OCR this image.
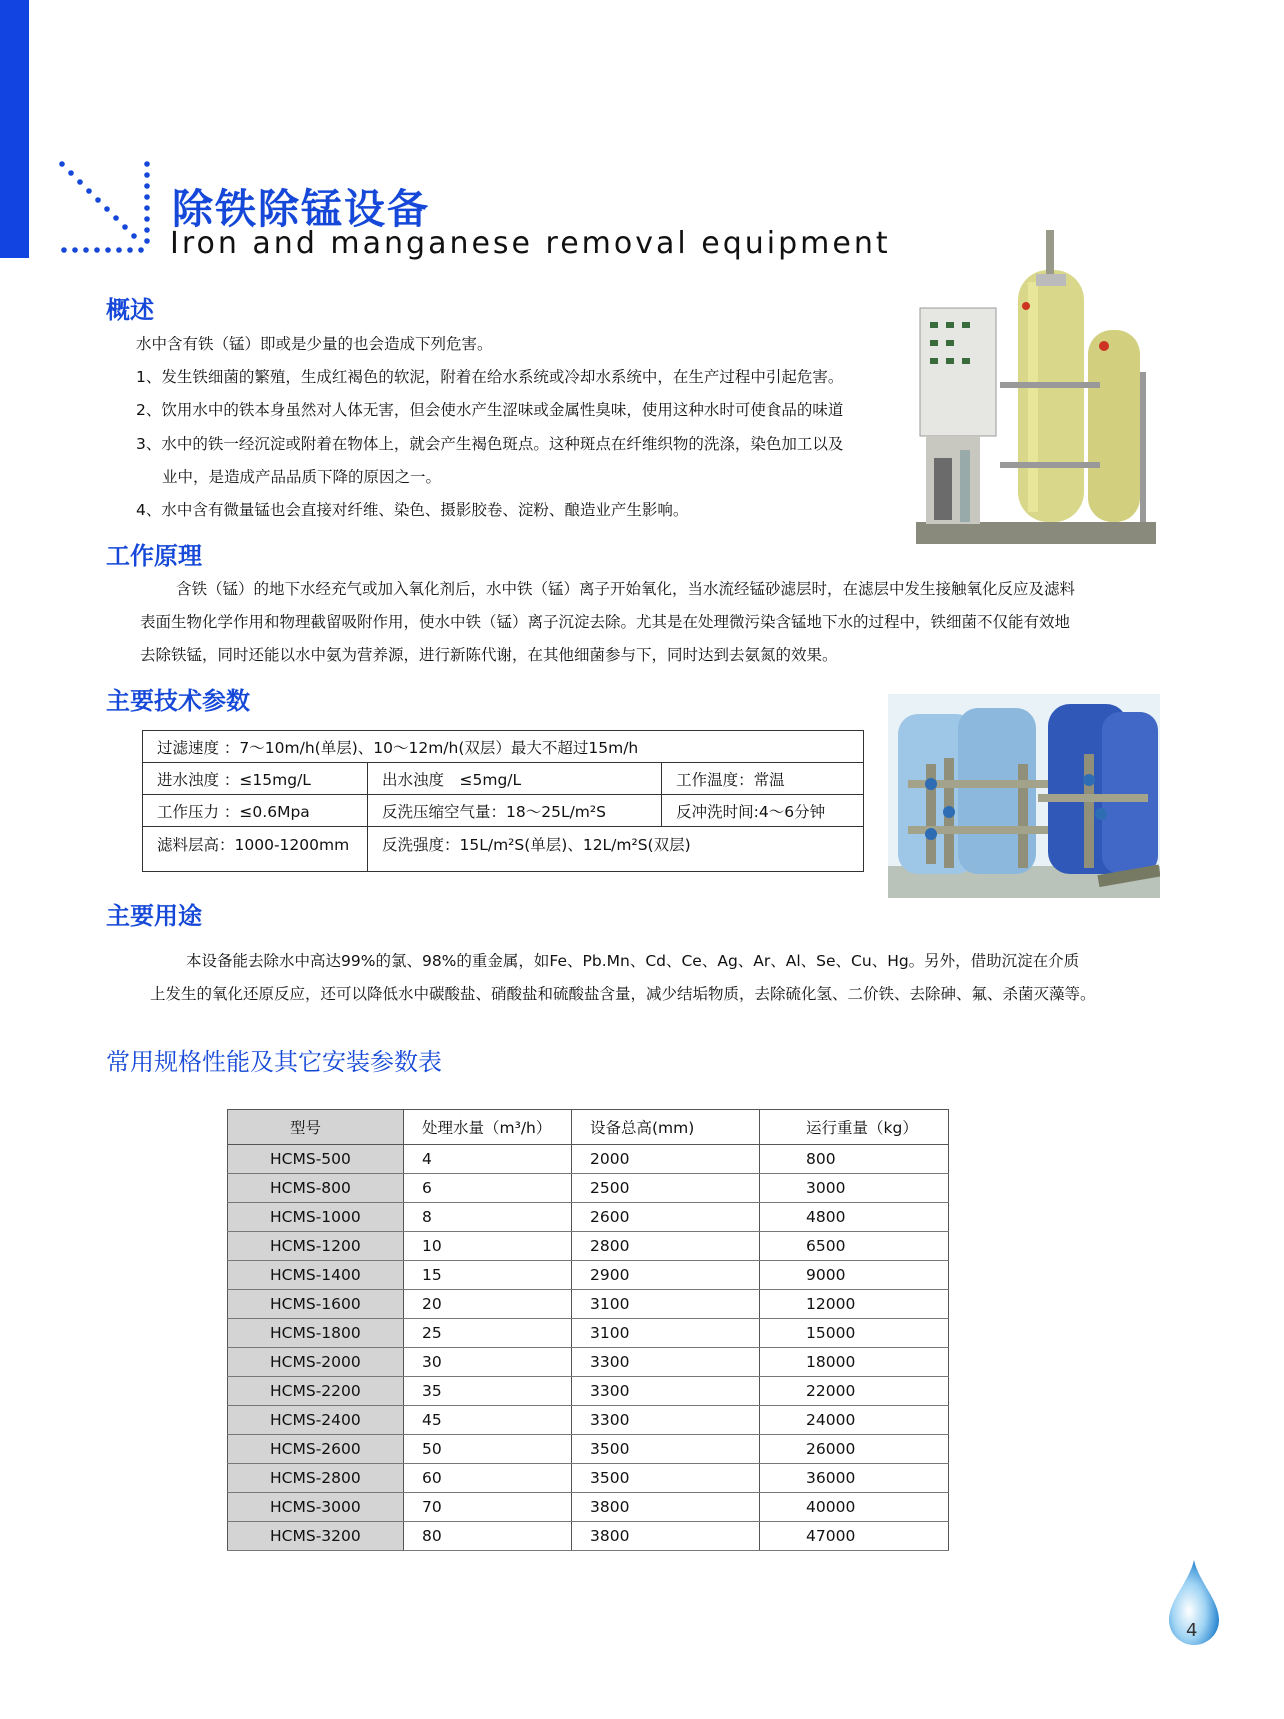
除铁除锰设备
Iron and manganese removal equipment
概述
水中含有铁（锰）即或是少量的也会造成下列危害。
1、发生铁细菌的繁殖，生成红褐色的软泥，附着在给水系统或冷却水系统中，在生产过程中引起危害。
2、饮用水中的铁本身虽然对人体无害，但会使水产生涩味或金属性臭味，使用这种水时可使食品的味道
3、水中的铁一经沉淀或附着在物体上，就会产生褐色斑点。这种斑点在纤维织物的洗涤，染色加工以及
业中，是造成产品品质下降的原因之一。
4、水中含有微量锰也会直接对纤维、染色、摄影胶卷、淀粉、酿造业产生影响。
工作原理
含铁（锰）的地下水经充气或加入氧化剂后，水中铁（锰）离子开始氧化，当水流经锰砂滤层时，在滤层中发生接触氧化反应及滤料
表面生物化学作用和物理截留吸附作用，使水中铁（锰）离子沉淀去除。尤其是在处理微污染含锰地下水的过程中，铁细菌不仅能有效地
去除铁锰，同时还能以水中氨为营养源，进行新陈代谢，在其他细菌参与下，同时达到去氨氮的效果。
主要技术参数
过滤速度 ：7～10m/h(单层)、10～12m/h(双层）最大不超过15m/h		
进水浊度 ：≤15mg/L	出水浊度　≤5mg/L	工作温度：常温
工作压力 ：≤0.6Mpa	反洗压缩空气量：18～25L/m²S	反冲洗时间:4～6分钟
滤料层高：1000-1200mm	反洗强度：15L/m²S(单层)、12L/m²S(双层)	
主要用途
本设备能去除水中高达99%的氯、98%的重金属，如Fe、Pb.Mn、Cd、Ce、Ag、Ar、Al、Se、Cu、Hg。另外，借助沉淀在介质
上发生的氧化还原反应，还可以降低水中碳酸盐、硝酸盐和硫酸盐含量，减少结垢物质，去除硫化氢、二价铁、去除砷、氟、杀菌灭藻等。
常用规格性能及其它安装参数表
型号	处理水量（m³/h）	设备总高(mm)	运行重量（kg）
HCMS-500	4	2000	800
HCMS-800	6	2500	3000
HCMS-1000	8	2600	4800
HCMS-1200	10	2800	6500
HCMS-1400	15	2900	9000
HCMS-1600	20	3100	12000
HCMS-1800	25	3100	15000
HCMS-2000	30	3300	18000
HCMS-2200	35	3300	22000
HCMS-2400	45	3300	24000
HCMS-2600	50	3500	26000
HCMS-2800	60	3500	36000
HCMS-3000	70	3800	40000
HCMS-3200	80	3800	47000
4
